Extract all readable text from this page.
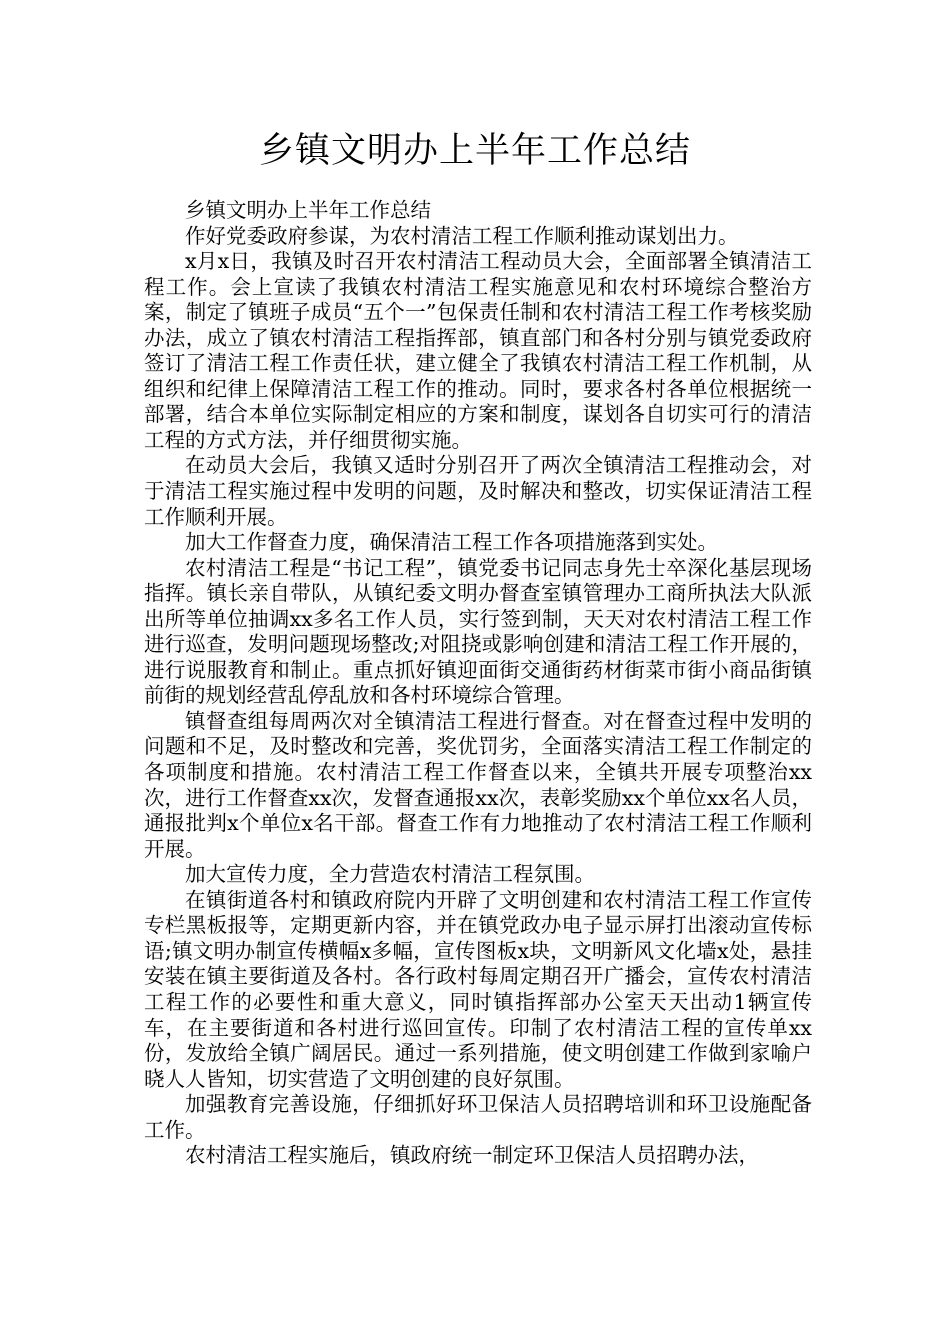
乡镇文明办上半年工作总结

乡镇文明办上半年工作总结

作好党委政府参谋，为农村清洁工程工作顺利推动谋划出力。

x月x日，我镇及时召开农村清洁工程动员大会，全面部署全镇清洁工程工作。会上宣读了我镇农村清洁工程实施意见和农村环境综合整治方案，制定了镇班子成员“五个一”包保责任制和农村清洁工程工作考核奖励办法，成立了镇农村清洁工程指挥部，镇直部门和各村分别与镇党委政府签订了清洁工程工作责任状，建立健全了我镇农村清洁工程工作机制，从组织和纪律上保障清洁工程工作的推动。同时，要求各村各单位根据统一部署，结合本单位实际制定相应的方案和制度，谋划各自切实可行的清洁工程的方式方法，并仔细贯彻实施。

在动员大会后，我镇又适时分别召开了两次全镇清洁工程推动会，对于清洁工程实施过程中发明的问题，及时解决和整改，切实保证清洁工程工作顺利开展。

加大工作督查力度，确保清洁工程工作各项措施落到实处。

农村清洁工程是“书记工程”，镇党委书记同志身先士卒深化基层现场指挥。镇长亲自带队，从镇纪委文明办督查室镇管理办工商所执法大队派出所等单位抽调xx多名工作人员，实行签到制，天天对农村清洁工程工作进行巡查，发明问题现场整改;对阻挠或影响创建和清洁工程工作开展的，进行说服教育和制止。重点抓好镇迎面街交通街药材街菜市街小商品街镇前街的规划经营乱停乱放和各村环境综合管理。

镇督查组每周两次对全镇清洁工程进行督查。对在督查过程中发明的问题和不足，及时整改和完善，奖优罚劣，全面落实清洁工程工作制定的各项制度和措施。农村清洁工程工作督查以来，全镇共开展专项整治xx次，进行工作督查xx次，发督查通报xx次，表彰奖励xx个单位xx名人员，通报批判x个单位x名干部。督查工作有力地推动了农村清洁工程工作顺利开展。

加大宣传力度，全力营造农村清洁工程氛围。

在镇街道各村和镇政府院内开辟了文明创建和农村清洁工程工作宣传专栏黑板报等，定期更新内容，并在镇党政办电子显示屏打出滚动宣传标语;镇文明办制宣传横幅x多幅，宣传图板x块，文明新风文化墙x处，悬挂安装在镇主要街道及各村。各行政村每周定期召开广播会，宣传农村清洁工程工作的必要性和重大意义，同时镇指挥部办公室天天出动1辆宣传车，在主要街道和各村进行巡回宣传。印制了农村清洁工程的宣传单xx份，发放给全镇广阔居民。通过一系列措施，使文明创建工作做到家喻户晓人人皆知，切实营造了文明创建的良好氛围。

加强教育完善设施，仔细抓好环卫保洁人员招聘培训和环卫设施配备工作。

农村清洁工程实施后，镇政府统一制定环卫保洁人员招聘办法，
